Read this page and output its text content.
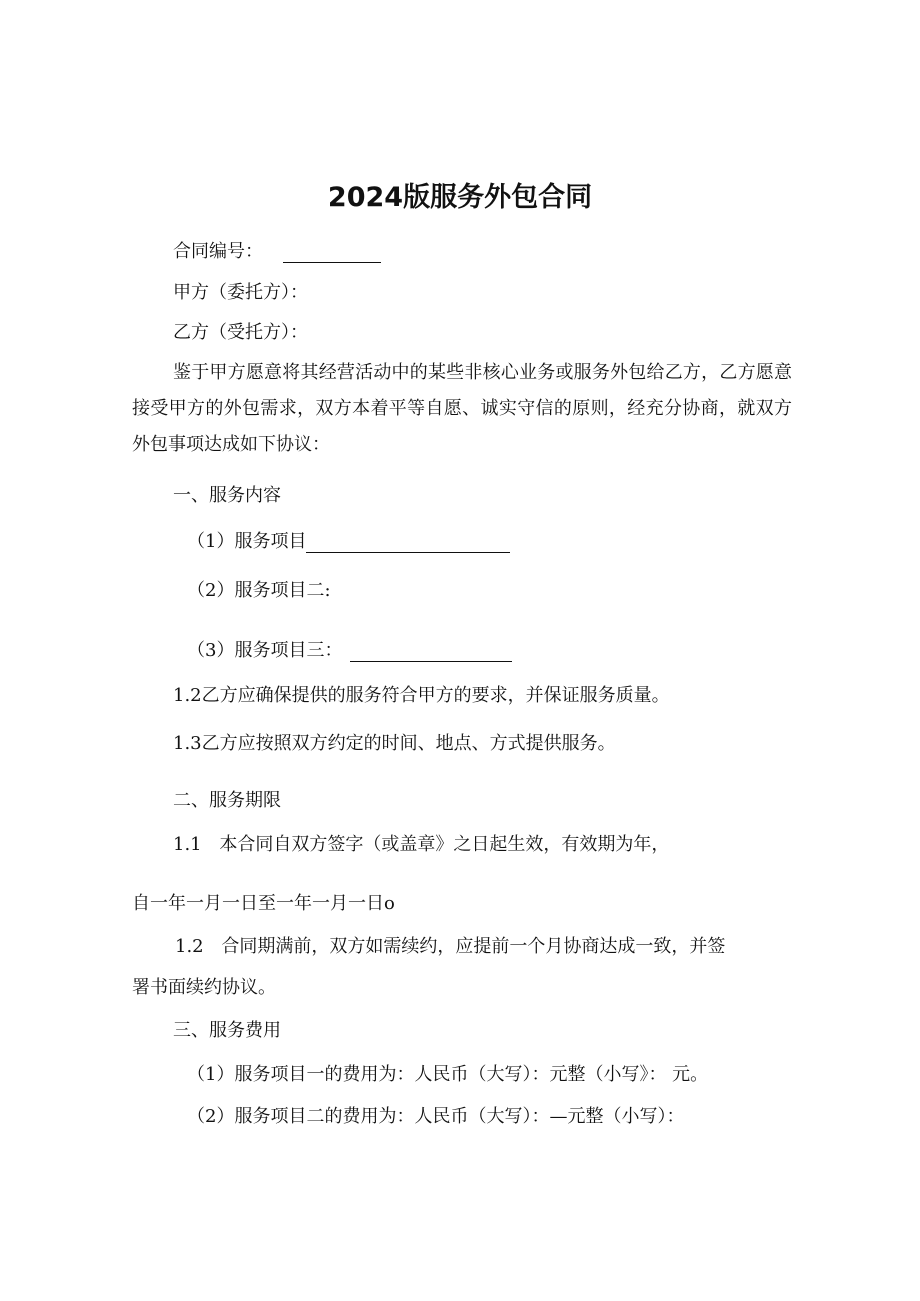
2024版服务外包合同
合同编号：
甲方（委托方）：
乙方（受托方）：
鉴于甲方愿意将其经营活动中的某些非核心业务或服务外包给乙方，乙方愿意接受甲方的外包需求，双方本着平等自愿、诚实守信的原则，经充分协商，就双方外包事项达成如下协议：
一、服务内容
（1）服务项目
（2）服务项目二:
（3）服务项目三：
1.2乙方应确保提供的服务符合甲方的要求，并保证服务质量。
1.3乙方应按照双方约定的时间、地点、方式提供服务。
二、服务期限
1.1 本合同自双方签字（或盖章》之日起生效，有效期为年，
自一年一月一日至一年一月一日o
1.2 合同期满前，双方如需续约，应提前一个月协商达成一致，并签
署书面续约协议。
三、服务费用
（1）服务项目一的费用为：人民币（大写）：元整（小写》： 元。
（2）服务项目二的费用为：人民币（大写）：—元整（小写）：
